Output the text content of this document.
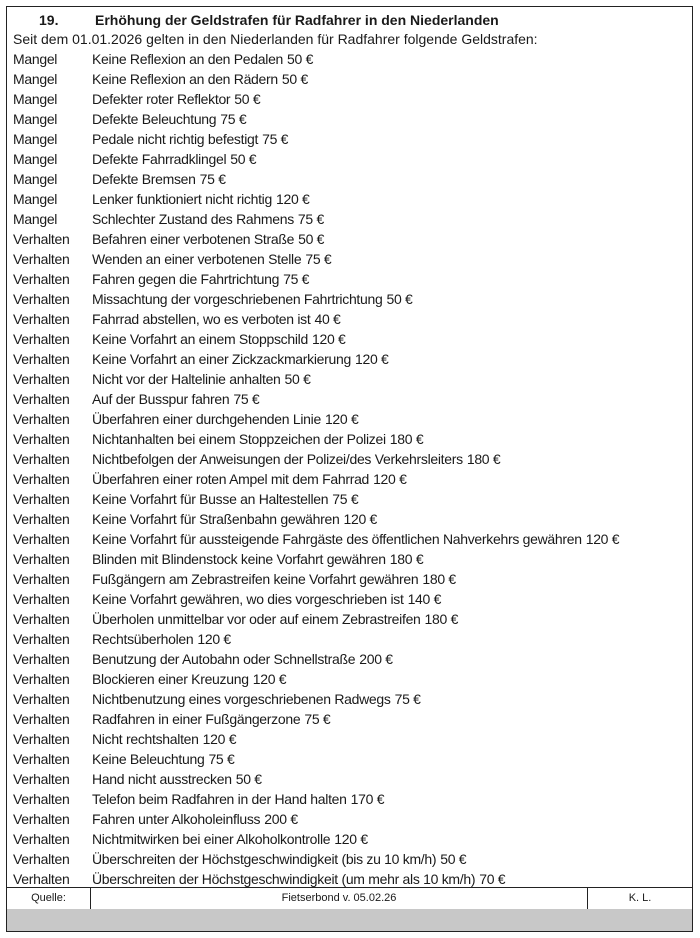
19.	Erhöhung der Geldstrafen für Radfahrer in den Niederlanden
Seit dem 01.01.2026 gelten in den Niederlanden für Radfahrer folgende Geldstrafen:
Mangel	Keine Reflexion an den Pedalen 50 €
Mangel	Keine Reflexion an den Rädern 50 €
Mangel	Defekter roter Reflektor 50 €
Mangel	Defekte Beleuchtung 75 €
Mangel	Pedale nicht richtig befestigt 75 €
Mangel	Defekte Fahrradklingel 50 €
Mangel	Defekte Bremsen 75 €
Mangel	Lenker funktioniert nicht richtig 120 €
Mangel	Schlechter Zustand des Rahmens 75 €
Verhalten	Befahren einer verbotenen Straße 50 €
Verhalten	Wenden an einer verbotenen Stelle 75 €
Verhalten	Fahren gegen die Fahrtrichtung 75 €
Verhalten	Missachtung der vorgeschriebenen Fahrtrichtung 50 €
Verhalten	Fahrrad abstellen, wo es verboten ist 40 €
Verhalten	Keine Vorfahrt an einem Stoppschild 120 €
Verhalten	Keine Vorfahrt an einer Zickzackmarkierung 120 €
Verhalten	Nicht vor der Haltelinie anhalten 50 €
Verhalten	Auf der Busspur fahren 75 €
Verhalten	Überfahren einer durchgehenden Linie 120 €
Verhalten	Nichtanhalten bei einem Stoppzeichen der Polizei 180 €
Verhalten	Nichtbefolgen der Anweisungen der Polizei/des Verkehrsleiters 180 €
Verhalten	Überfahren einer roten Ampel mit dem Fahrrad 120 €
Verhalten	Keine Vorfahrt für Busse an Haltestellen 75 €
Verhalten	Keine Vorfahrt für Straßenbahn gewähren 120 €
Verhalten	Keine Vorfahrt für aussteigende Fahrgäste des öffentlichen Nahverkehrs gewähren 120 €
Verhalten	Blinden mit Blindenstock keine Vorfahrt gewähren 180 €
Verhalten	Fußgängern am Zebrastreifen keine Vorfahrt gewähren 180 €
Verhalten	Keine Vorfahrt gewähren, wo dies vorgeschrieben ist 140 €
Verhalten	Überholen unmittelbar vor oder auf einem Zebrastreifen 180 €
Verhalten	Rechtsüberholen 120 €
Verhalten	Benutzung der Autobahn oder Schnellstraße 200 €
Verhalten	Blockieren einer Kreuzung 120 €
Verhalten	Nichtbenutzung eines vorgeschriebenen Radwegs 75 €
Verhalten	Radfahren in einer Fußgängerzone 75 €
Verhalten	Nicht rechtshalten 120 €
Verhalten	Keine Beleuchtung 75 €
Verhalten	Hand nicht ausstrecken 50 €
Verhalten	Telefon beim Radfahren in der Hand halten 170 €
Verhalten	Fahren unter Alkoholeinfluss 200 €
Verhalten	Nichtmitwirken bei einer Alkoholkontrolle 120 €
Verhalten	Überschreiten der Höchstgeschwindigkeit (bis zu 10 km/h) 50 €
Verhalten	Überschreiten der Höchstgeschwindigkeit (um mehr als 10 km/h) 70 €
Quelle:	Fietserbond v. 05.02.26	K. L.
